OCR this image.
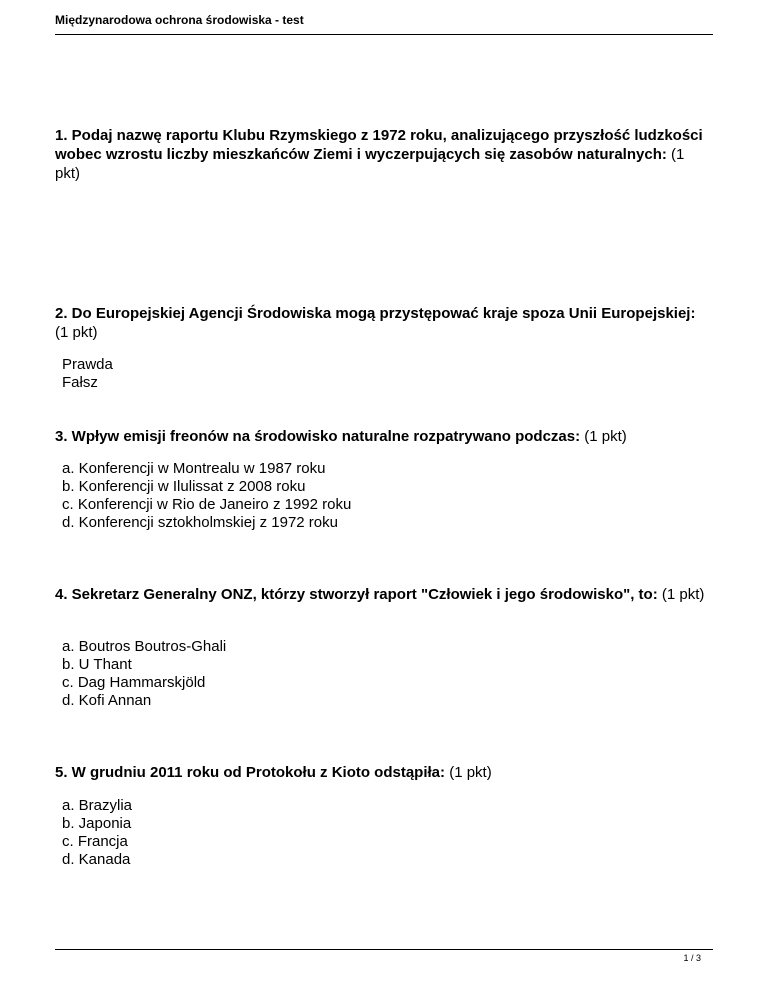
Międzynarodowa ochrona środowiska - test
1. Podaj nazwę raportu Klubu Rzymskiego z 1972 roku, analizującego przyszłość ludzkości wobec wzrostu liczby mieszkańców Ziemi i wyczerpujących się zasobów naturalnych: (1 pkt)
2. Do Europejskiej Agencji Środowiska mogą przystępować kraje spoza Unii Europejskiej: (1 pkt)
Prawda
Fałsz
3. Wpływ emisji freonów na środowisko naturalne rozpatrywano podczas: (1 pkt)
a. Konferencji w Montrealu w 1987 roku
b. Konferencji w Ilulissat z 2008 roku
c. Konferencji w Rio de Janeiro z 1992 roku
d. Konferencji sztokholmskiej z 1972 roku
4. Sekretarz Generalny ONZ, którzy stworzył raport "Człowiek i jego środowisko", to: (1 pkt)
a. Boutros Boutros-Ghali
b. U Thant
c. Dag Hammarskjöld
d. Kofi Annan
5. W grudniu 2011 roku od Protokołu z Kioto odstąpiła: (1 pkt)
a. Brazylia
b. Japonia
c. Francja
d. Kanada
1 / 3
